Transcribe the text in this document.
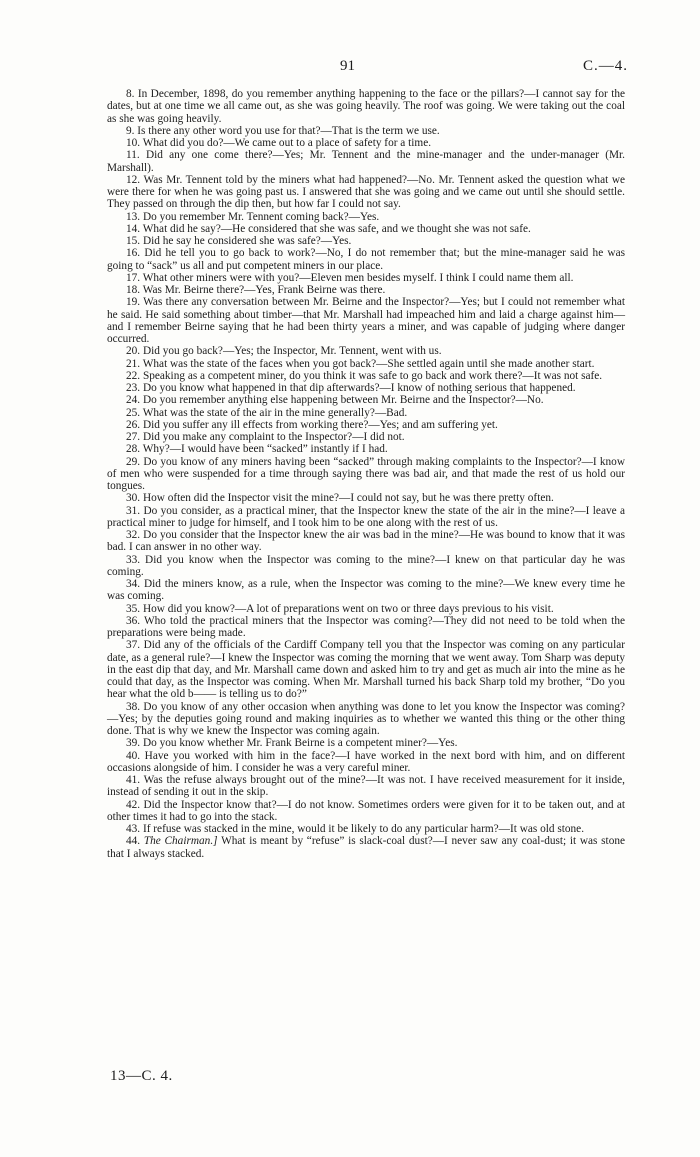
91	C.—4.

8. In December, 1898, do you remember anything happening to the face or the pillars?—I cannot say for the dates, but at one time we all came out, as she was going heavily. The roof was going. We were taking out the coal as she was going heavily.

9. Is there any other word you use for that?—That is the term we use.

10. What did you do?—We came out to a place of safety for a time.

11. Did any one come there?—Yes; Mr. Tennent and the mine-manager and the under-manager (Mr. Marshall).

12. Was Mr. Tennent told by the miners what had happened?—No. Mr. Tennent asked the question what we were there for when he was going past us. I answered that she was going and we came out until she should settle. They passed on through the dip then, but how far I could not say.

13. Do you remember Mr. Tennent coming back?—Yes.

14. What did he say?—He considered that she was safe, and we thought she was not safe.

15. Did he say he considered she was safe?—Yes.

16. Did he tell you to go back to work?—No, I do not remember that; but the mine-manager said he was going to “sack” us all and put competent miners in our place.

17. What other miners were with you?—Eleven men besides myself. I think I could name them all.

18. Was Mr. Beirne there?—Yes, Frank Beirne was there.

19. Was there any conversation between Mr. Beirne and the Inspector?—Yes; but I could not remember what he said. He said something about timber—that Mr. Marshall had impeached him and laid a charge against him—and I remember Beirne saying that he had been thirty years a miner, and was capable of judging where danger occurred.

20. Did you go back?—Yes; the Inspector, Mr. Tennent, went with us.

21. What was the state of the faces when you got back?—She settled again until she made another start.

22. Speaking as a competent miner, do you think it was safe to go back and work there?—It was not safe.

23. Do you know what happened in that dip afterwards?—I know of nothing serious that happened.

24. Do you remember anything else happening between Mr. Beirne and the Inspector?—No.

25. What was the state of the air in the mine generally?—Bad.

26. Did you suffer any ill effects from working there?—Yes; and am suffering yet.

27. Did you make any complaint to the Inspector?—I did not.

28. Why?—I would have been “sacked” instantly if I had.

29. Do you know of any miners having been “sacked” through making complaints to the Inspector?—I know of men who were suspended for a time through saying there was bad air, and that made the rest of us hold our tongues.

30. How often did the Inspector visit the mine?—I could not say, but he was there pretty often.

31. Do you consider, as a practical miner, that the Inspector knew the state of the air in the mine?—I leave a practical miner to judge for himself, and I took him to be one along with the rest of us.

32. Do you consider that the Inspector knew the air was bad in the mine?—He was bound to know that it was bad. I can answer in no other way.

33. Did you know when the Inspector was coming to the mine?—I knew on that particular day he was coming.

34. Did the miners know, as a rule, when the Inspector was coming to the mine?—We knew every time he was coming.

35. How did you know?—A lot of preparations went on two or three days previous to his visit.

36. Who told the practical miners that the Inspector was coming?—They did not need to be told when the preparations were being made.

37. Did any of the officials of the Cardiff Company tell you that the Inspector was coming on any particular date, as a general rule?—I knew the Inspector was coming the morning that we went away. Tom Sharp was deputy in the east dip that day, and Mr. Marshall came down and asked him to try and get as much air into the mine as he could that day, as the Inspector was coming. When Mr. Marshall turned his back Sharp told my brother, “Do you hear what the old b—— is telling us to do?”

38. Do you know of any other occasion when anything was done to let you know the Inspector was coming?—Yes; by the deputies going round and making inquiries as to whether we wanted this thing or the other thing done. That is why we knew the Inspector was coming again.

39. Do you know whether Mr. Frank Beirne is a competent miner?—Yes.

40. Have you worked with him in the face?—I have worked in the next bord with him, and on different occasions alongside of him. I consider he was a very careful miner.

41. Was the refuse always brought out of the mine?—It was not. I have received measurement for it inside, instead of sending it out in the skip.

42. Did the Inspector know that?—I do not know. Sometimes orders were given for it to be taken out, and at other times it had to go into the stack.

43. If refuse was stacked in the mine, would it be likely to do any particular harm?—It was old stone.

44. The Chairman.] What is meant by “refuse” is slack-coal dust?—I never saw any coal-dust; it was stone that I always stacked.

13—C. 4.
